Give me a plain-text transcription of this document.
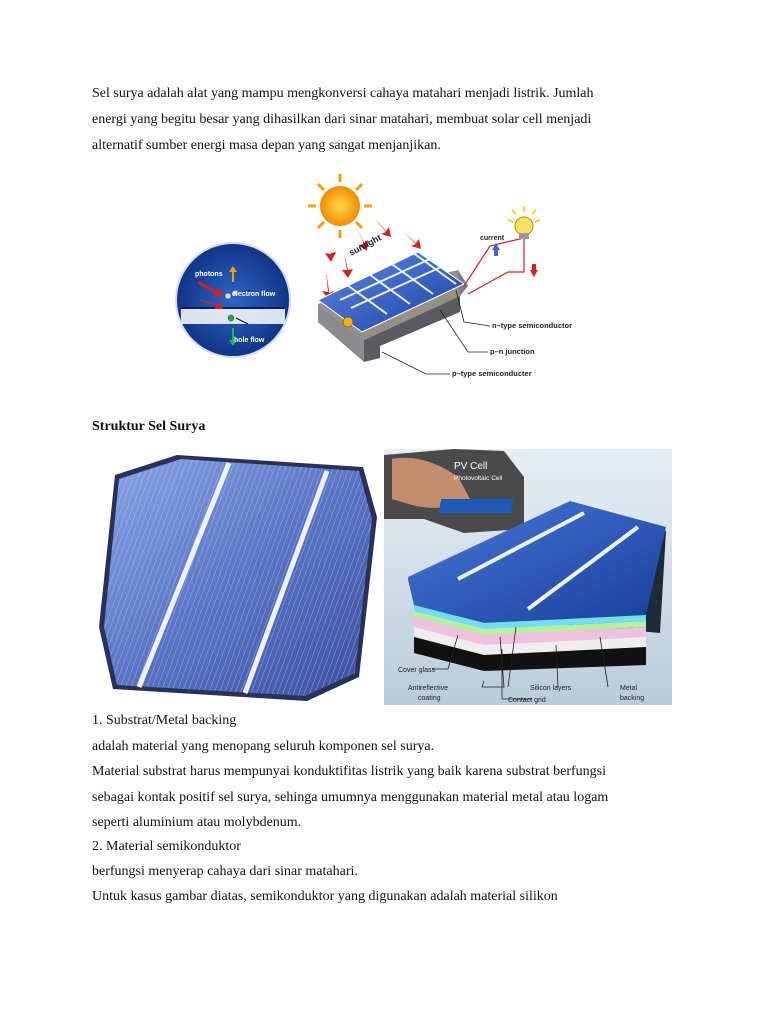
Sel surya adalah alat yang mampu mengkonversi cahaya matahari menjadi listrik. Jumlah

energi yang begitu besar yang dihasilkan dari sinar matahari, membuat solar cell menjadi

alternatif sumber energi masa depan yang sangat menjanjikan.

sunlight
photons
electron flow
hole flow
current
n–type semiconductor
p–n junction
p–type semiconducter

Struktur Sel Surya

PV Cell
Photovoltaic Cell
Cover glass
Antireflective
coating
Silicon layers
Contact grid
Metal
backing

1. Substrat/Metal backing

adalah material yang menopang seluruh komponen sel surya.

Material substrat harus mempunyai konduktifitas listrik yang baik karena substrat berfungsi

sebagai kontak positif sel surya, sehinga umumnya menggunakan material metal atau logam

seperti aluminium atau molybdenum.

2. Material semikonduktor

berfungsi menyerap cahaya dari sinar matahari.

Untuk kasus gambar diatas, semikonduktor yang digunakan adalah material silikon
